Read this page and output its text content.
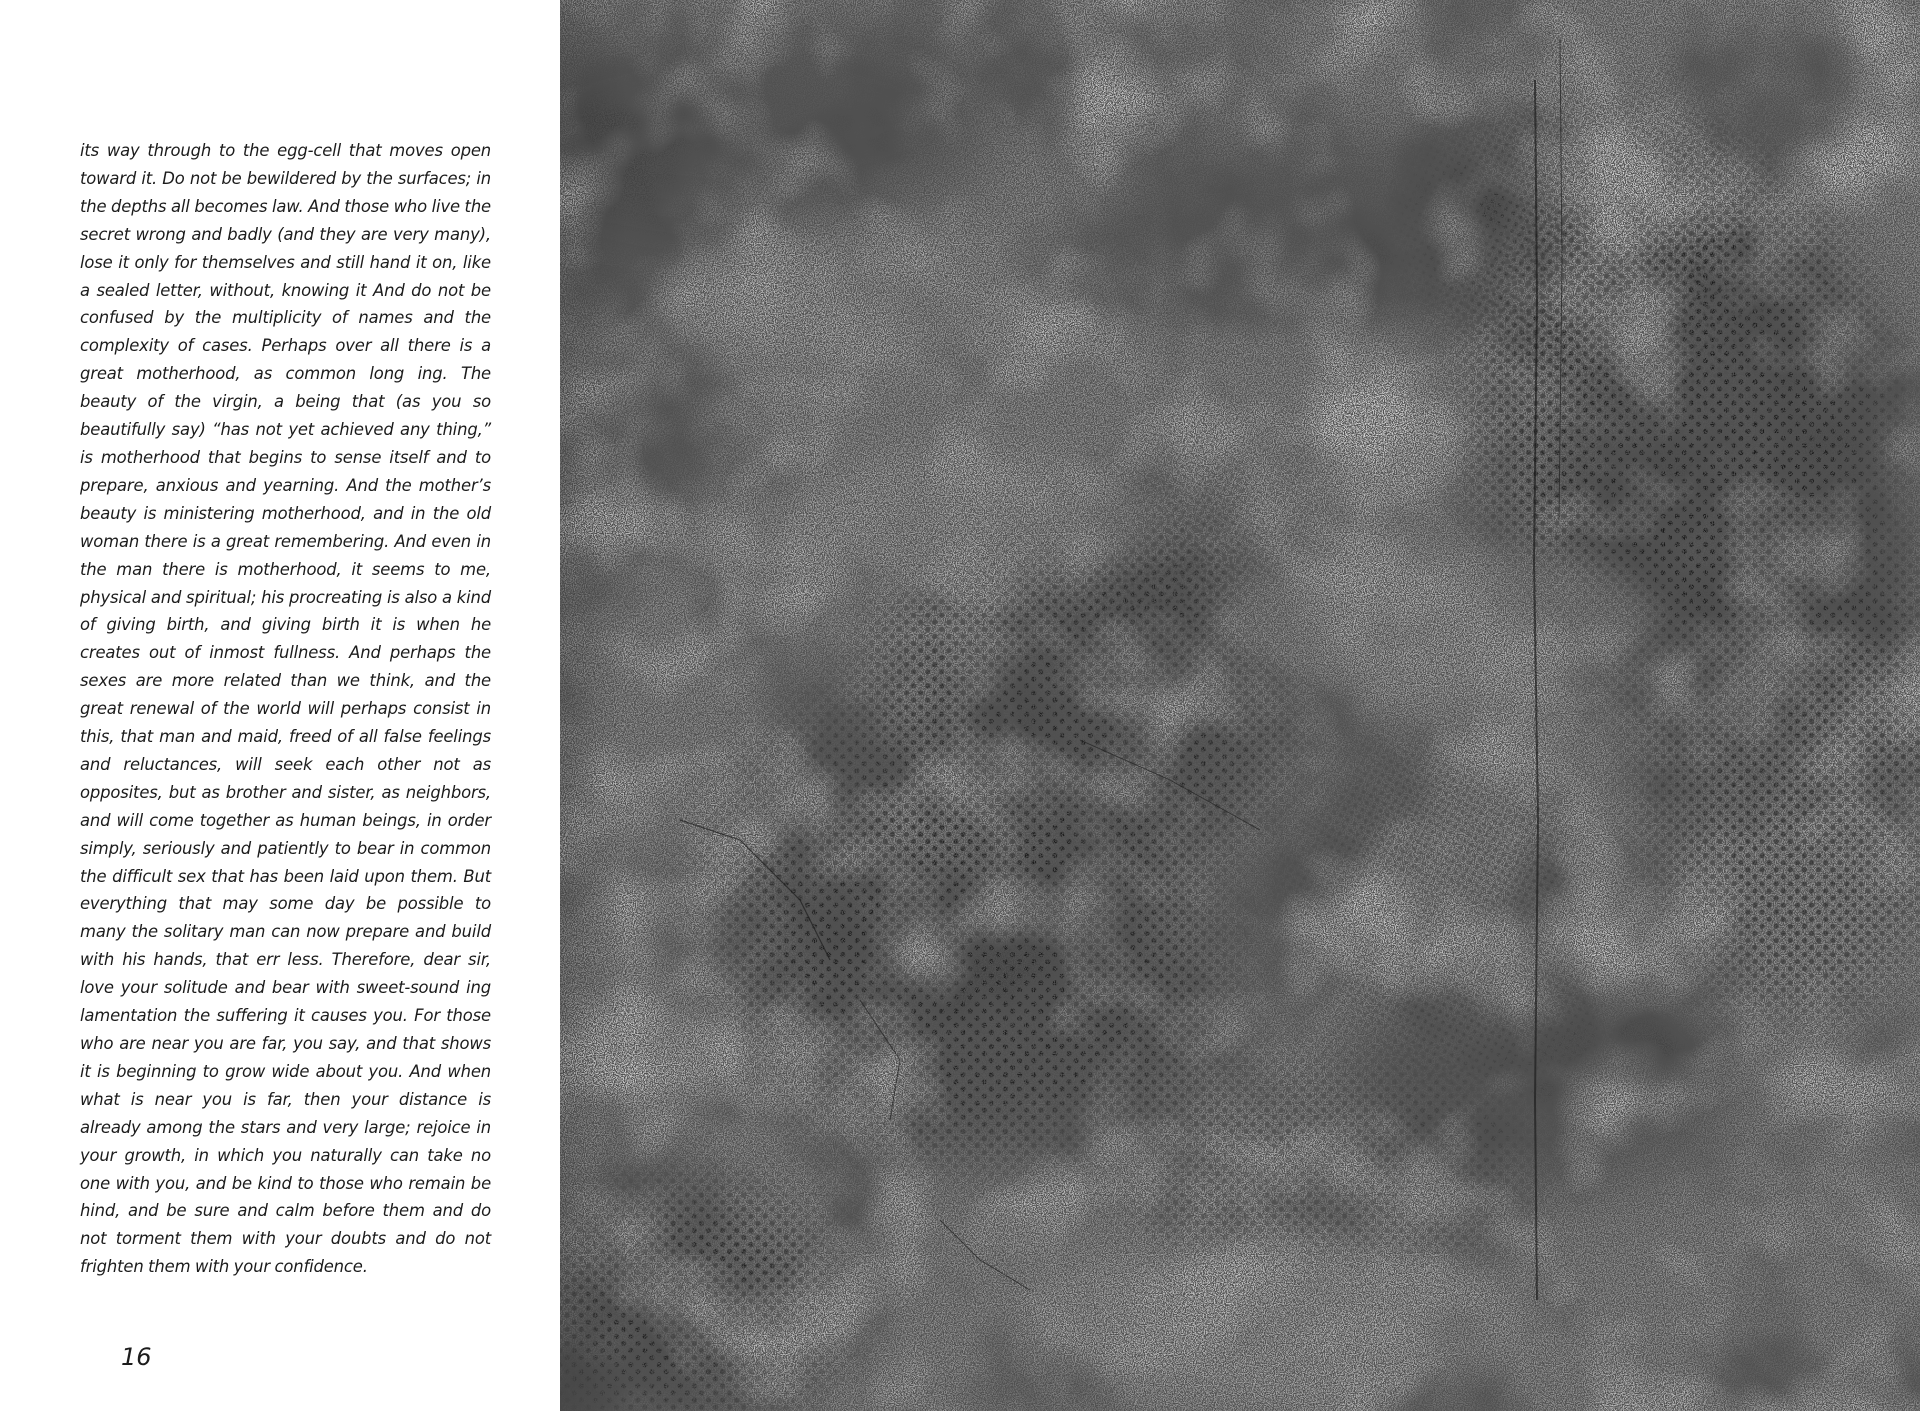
its way through to the egg-cell that moves open toward it. Do not be bewildered by the surfaces; in the depths all becomes law. And those who live the secret wrong and badly (and they are very many), lose it only for themselves and still hand it on, like a sealed letter, without, knowing it And do not be confused by the multiplicity of names and the complexity of cases. Perhaps over all there is a great motherhood, as common long ing. The beauty of the virgin, a being that (as you so beautifully say) “has not yet achieved any thing,” is motherhood that begins to sense itself and to prepare, anxious and yearning. And the mother’s beauty is ministering motherhood, and in the old woman there is a great remembering. And even in the man there is motherhood, it seems to me, physical and spiritual; his procreating is also a kind of giving birth, and giving birth it is when he creates out of inmost fullness. And perhaps the sexes are more related than we think, and the great renewal of the world will perhaps consist in this, that man and maid, freed of all false feelings and reluctances, will seek each other not as opposites, but as brother and sister, as neighbors, and will come together as human beings, in order simply, seriously and patiently to bear in common the difficult sex that has been laid upon them. But everything that may some day be possible to many the solitary man can now prepare and build with his hands, that err less. Therefore, dear sir, love your solitude and bear with sweet-sound ing lamentation the suffering it causes you. For those who are near you are far, you say, and that shows it is beginning to grow wide about you. And when what is near you is far, then your distance is already among the stars and very large; rejoice in your growth, in which you naturally can take no one with you, and be kind to those who remain be hind, and be sure and calm before them and do not torment them with your doubts and do not frighten them with your confidence.

16
